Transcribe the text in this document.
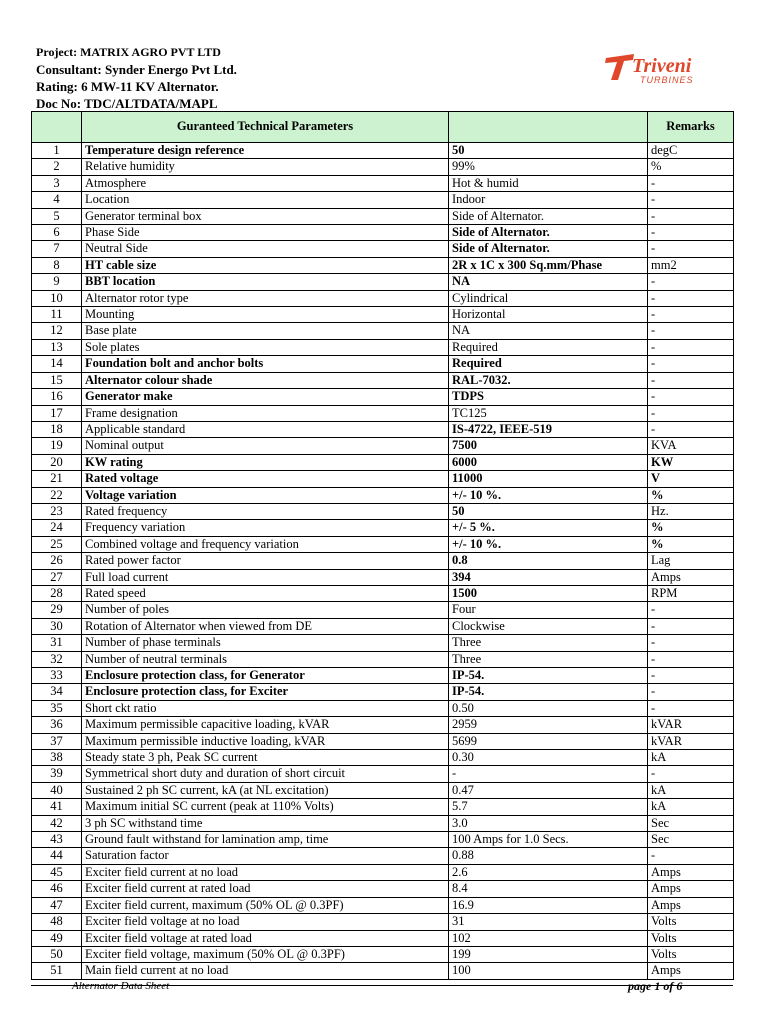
Project: MATRIX AGRO PVT LTD
Consultant: Synder Energo Pvt Ltd.
Rating: 6 MW-11 KV Alternator.
Doc No: TDC/ALTDATA/MAPL
Triveni
TURBINES
	Guranteed Technical Parameters		Remarks
1	Temperature design reference	50	degC
2	Relative humidity	99%	%
3	Atmosphere	Hot & humid	-
4	Location	Indoor	-
5	Generator terminal box	Side of Alternator.	-
6	Phase Side	Side of Alternator.	-
7	Neutral Side	Side of Alternator.	-
8	HT cable size	2R x 1C x 300 Sq.mm/Phase	mm2
9	BBT location	NA	-
10	Alternator rotor type	Cylindrical	-
11	Mounting	Horizontal	-
12	Base plate	NA	-
13	Sole plates	Required	-
14	Foundation bolt and anchor bolts	Required	-
15	Alternator colour shade	RAL-7032.	-
16	Generator make	TDPS	-
17	Frame designation	TC125	-
18	Applicable standard	IS-4722, IEEE-519	-
19	Nominal output	7500	KVA
20	KW rating	6000	KW
21	Rated voltage	11000	V
22	Voltage variation	+/- 10 %.	%
23	Rated frequency	50	Hz.
24	Frequency variation	+/- 5 %.	%
25	Combined voltage and frequency variation	+/- 10 %.	%
26	Rated power factor	0.8	Lag
27	Full load current	394	Amps
28	Rated speed	1500	RPM
29	Number of poles	Four	-
30	Rotation of Alternator when viewed from DE	Clockwise	-
31	Number of phase terminals	Three	-
32	Number of neutral terminals	Three	-
33	Enclosure protection class, for Generator	IP-54.	-
34	Enclosure protection class, for Exciter	IP-54.	-
35	Short ckt ratio	0.50	-
36	Maximum permissible capacitive loading, kVAR	2959	kVAR
37	Maximum permissible inductive loading, kVAR	5699	kVAR
38	Steady state 3 ph, Peak SC current	0.30	kA
39	Symmetrical short duty and duration of short circuit	-	-
40	Sustained 2 ph SC current, kA (at NL excitation)	0.47	kA
41	Maximum initial SC current (peak at 110% Volts)	5.7	kA
42	3 ph SC withstand time	3.0	Sec
43	Ground fault withstand for lamination amp, time	100 Amps for 1.0 Secs.	Sec
44	Saturation factor	0.88	-
45	Exciter field current at no load	2.6	Amps
46	Exciter field current at rated load	8.4	Amps
47	Exciter field current, maximum (50% OL @ 0.3PF)	16.9	Amps
48	Exciter field voltage at no load	31	Volts
49	Exciter field voltage at rated load	102	Volts
50	Exciter field voltage, maximum (50% OL @ 0.3PF)	199	Volts
51	Main field current at no load	100	Amps
Alternator Data Sheet	page 1 of 6
